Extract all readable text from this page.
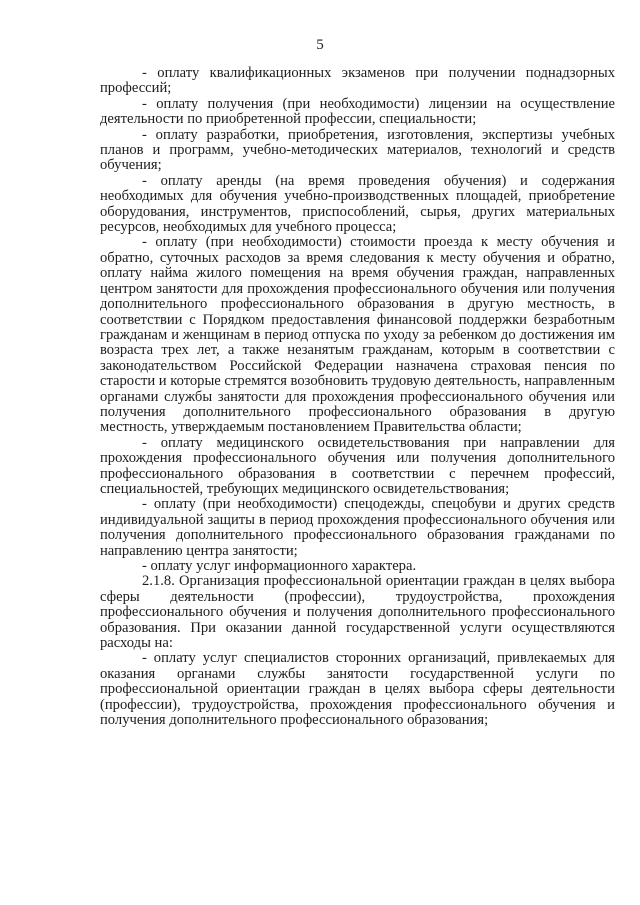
5

- оплату квалификационных экзаменов при получении поднадзорных профессий;

- оплату получения (при необходимости) лицензии на осуществление деятельности по приобретенной профессии, специальности;

- оплату разработки, приобретения, изготовления, экспертизы учебных планов и программ, учебно-методических материалов, технологий и средств обучения;

- оплату аренды (на время проведения обучения) и содержания необходимых для обучения учебно-производственных площадей, приобретение оборудования, инструментов, приспособлений, сырья, других материальных ресурсов, необходимых для учебного процесса;

- оплату (при необходимости) стоимости проезда к месту обучения и обратно, суточных расходов за время следования к месту обучения и обратно, оплату найма жилого помещения на время обучения граждан, направленных центром занятости для прохождения профессионального обучения или получения дополнительного профессионального образования в другую местность, в соответствии с Порядком предоставления финансовой поддержки безработным гражданам и женщинам в период отпуска по уходу за ребенком до достижения им возраста трех лет, а также незанятым гражданам, которым в соответствии с законодательством Российской Федерации назначена страховая пенсия по старости и которые стремятся возобновить трудовую деятельность, направленным органами службы занятости для прохождения профессионального обучения или получения дополнительного профессионального образования в другую местность, утверждаемым постановлением Правительства области;

- оплату медицинского освидетельствования при направлении для прохождения профессионального обучения или получения дополнительного профессионального образования в соответствии с перечнем профессий, специальностей, требующих медицинского освидетельствования;

- оплату (при необходимости) спецодежды, спецобуви и других средств индивидуальной защиты в период прохождения профессионального обучения или получения дополнительного профессионального образования гражданами по направлению центра занятости;

- оплату услуг информационного характера.

2.1.8. Организация профессиональной ориентации граждан в целях выбора сферы деятельности (профессии), трудоустройства, прохождения профессионального обучения и получения дополнительного профессионального образования. При оказании данной государственной услуги осуществляются расходы на:

- оплату услуг специалистов сторонних организаций, привлекаемых для оказания органами службы занятости государственной услуги по профессиональной ориентации граждан в целях выбора сферы деятельности (профессии), трудоустройства, прохождения профессионального обучения и получения дополнительного профессионального образования;
